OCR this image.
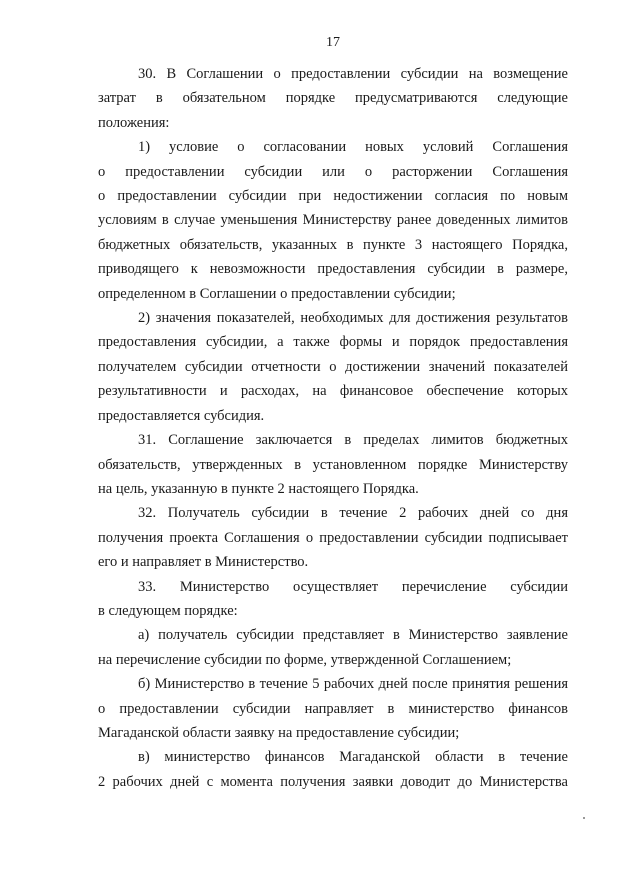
17

30. В Соглашении о предоставлении субсидии на возмещение
затрат в обязательном порядке предусматриваются следующие
положения:

1) условие о согласовании новых условий Соглашения
о предоставлении субсидии или о расторжении Соглашения
о предоставлении субсидии при недостижении согласия по новым
условиям в случае уменьшения Министерству ранее доведенных лимитов
бюджетных обязательств, указанных в пункте 3 настоящего Порядка,
приводящего к невозможности предоставления субсидии в размере,
определенном в Соглашении о предоставлении субсидии;

2) значения показателей, необходимых для достижения результатов
предоставления субсидии, а также формы и порядок предоставления
получателем субсидии отчетности о достижении значений показателей
результативности и расходах, на финансовое обеспечение которых
предоставляется субсидия.

31. Соглашение заключается в пределах лимитов бюджетных
обязательств, утвержденных в установленном порядке Министерству
на цель, указанную в пункте 2 настоящего Порядка.

32. Получатель субсидии в течение 2 рабочих дней со дня
получения проекта Соглашения о предоставлении субсидии подписывает
его и направляет в Министерство.

33. Министерство осуществляет перечисление субсидии
в следующем порядке:

а) получатель субсидии представляет в Министерство заявление
на перечисление субсидии по форме, утвержденной Соглашением;

б) Министерство в течение 5 рабочих дней после принятия решения
о предоставлении субсидии направляет в министерство финансов
Магаданской области заявку на предоставление субсидии;

в) министерство финансов Магаданской области в течение
2 рабочих дней с момента получения заявки доводит до Министерства
